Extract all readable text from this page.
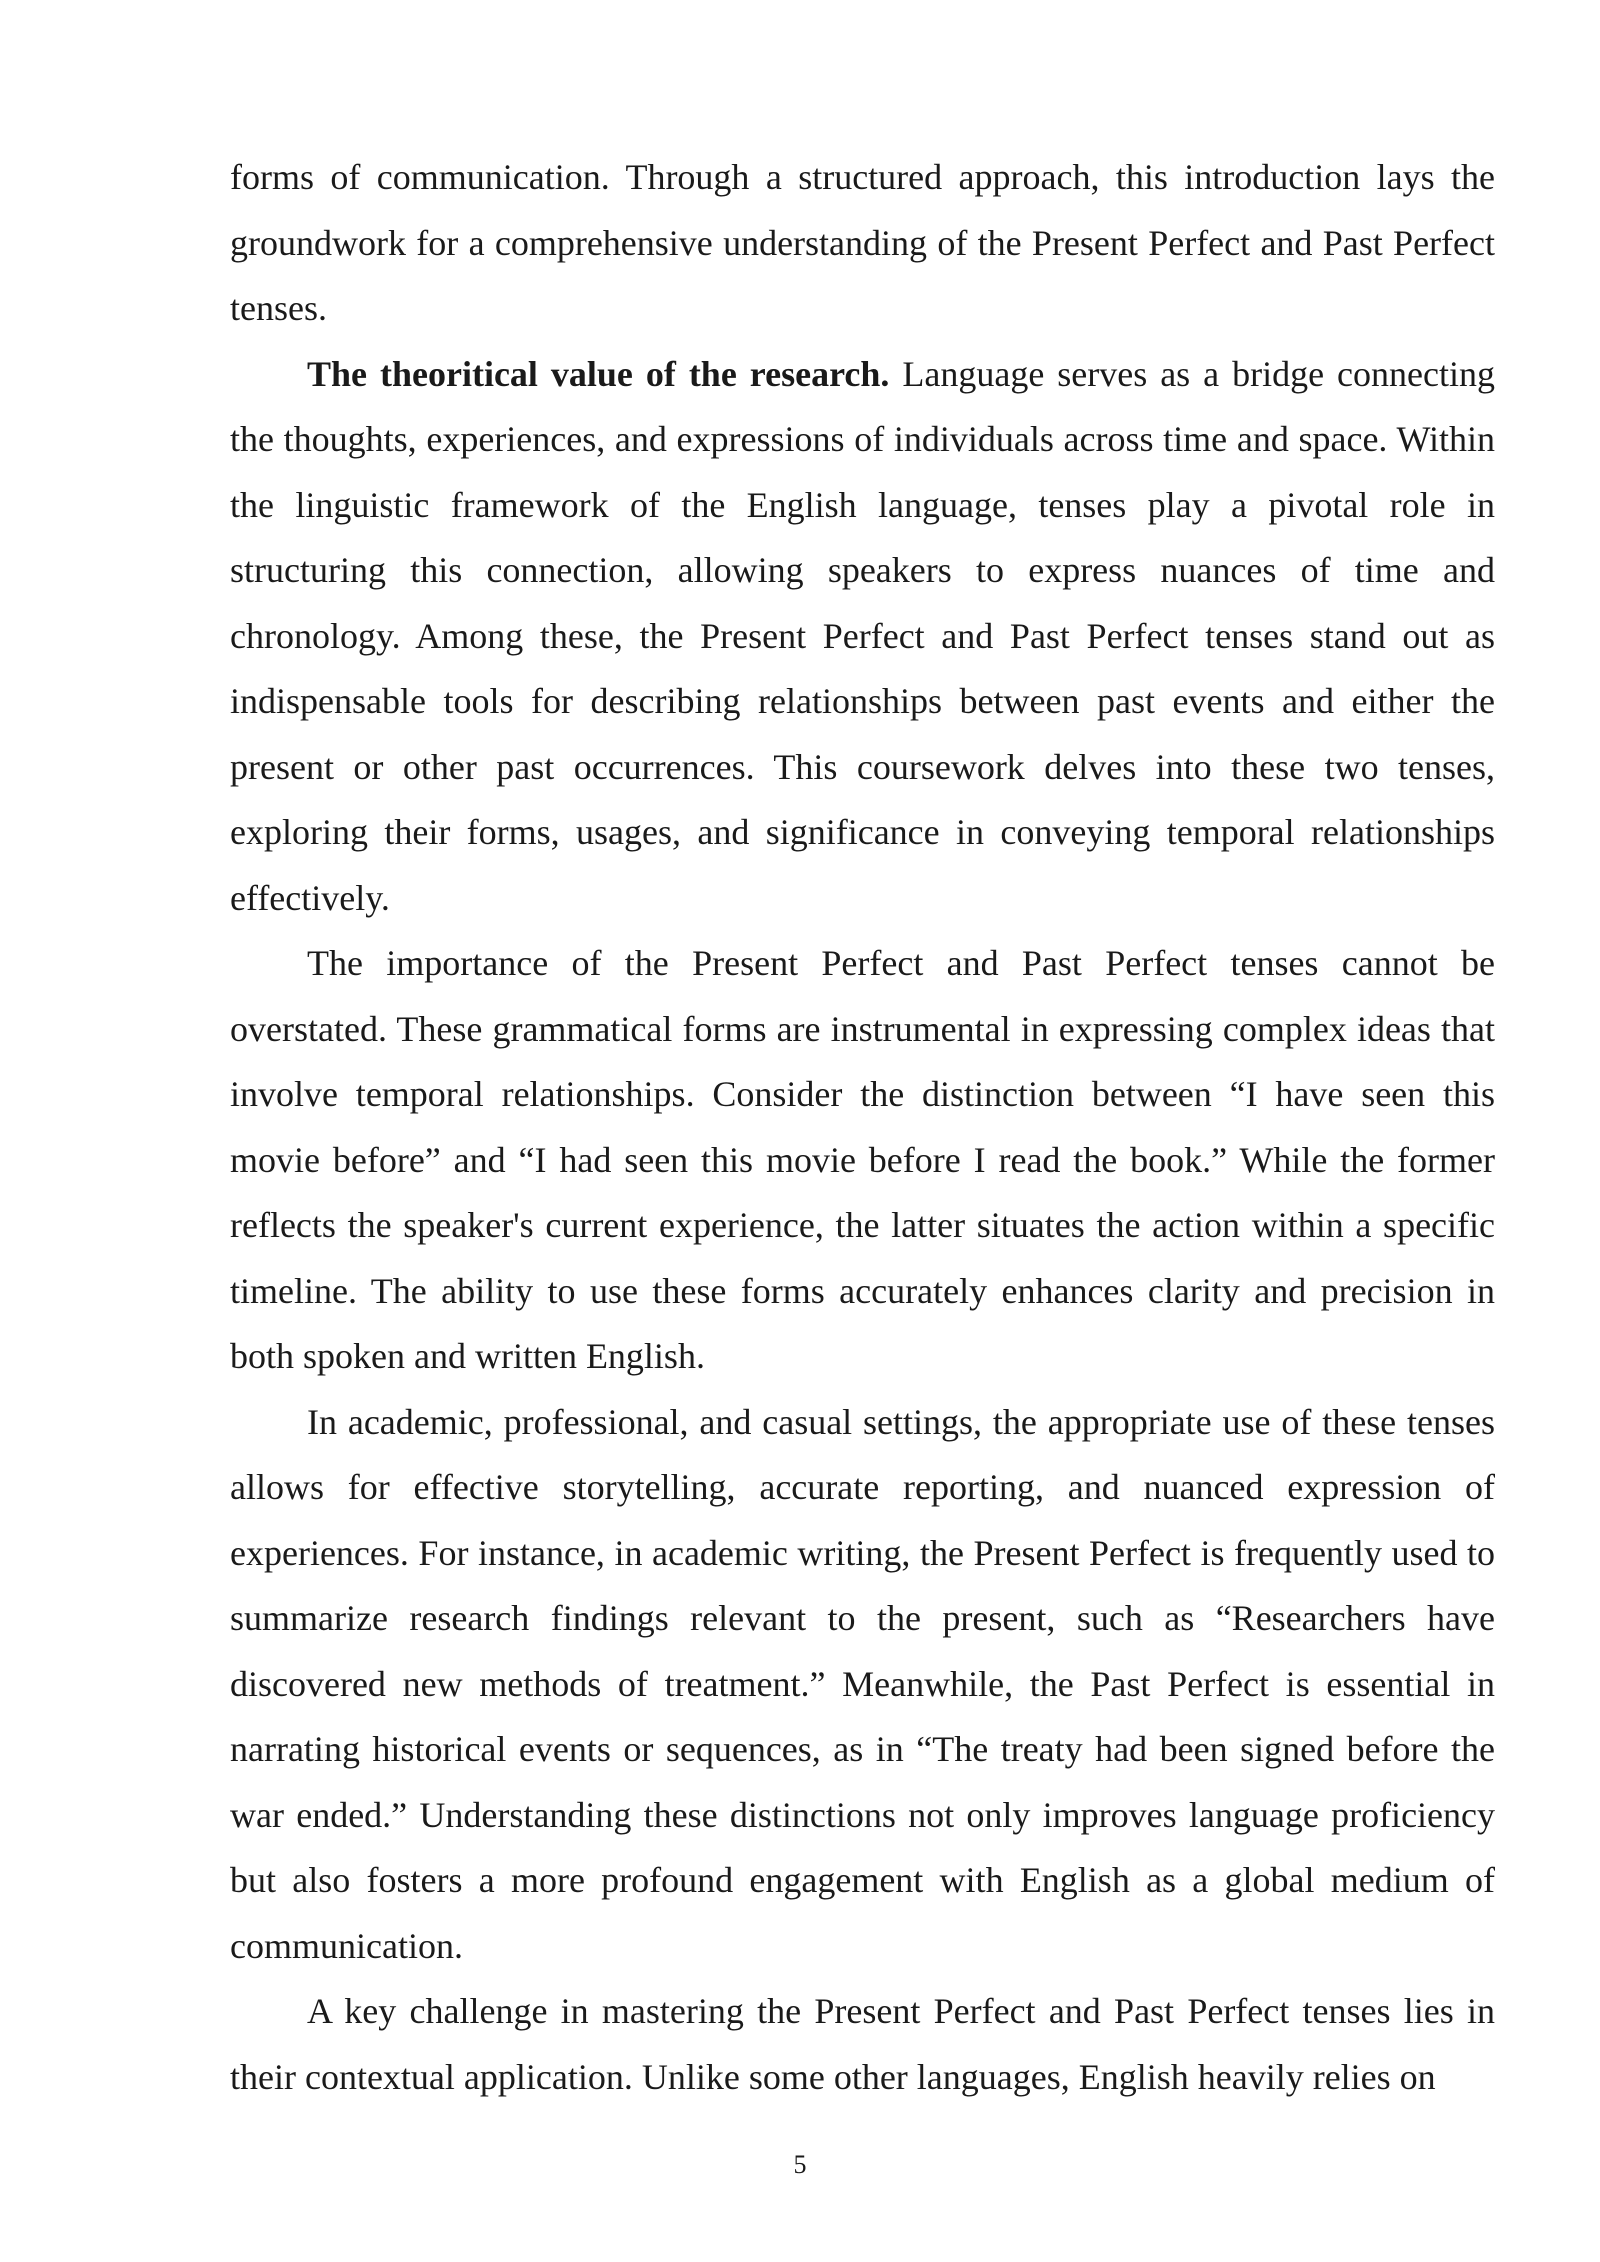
forms of communication. Through a structured approach, this introduction lays the groundwork for a comprehensive understanding of the Present Perfect and Past Perfect tenses.

The theoritical value of the research. Language serves as a bridge connecting the thoughts, experiences, and expressions of individuals across time and space. Within the linguistic framework of the English language, tenses play a pivotal role in structuring this connection, allowing speakers to express nuances of time and chronology. Among these, the Present Perfect and Past Perfect tenses stand out as indispensable tools for describing relationships between past events and either the present or other past occurrences. This coursework delves into these two tenses, exploring their forms, usages, and significance in conveying temporal relationships effectively.

The importance of the Present Perfect and Past Perfect tenses cannot be overstated. These grammatical forms are instrumental in expressing complex ideas that involve temporal relationships. Consider the distinction between “I have seen this movie before” and “I had seen this movie before I read the book.” While the former reflects the speaker's current experience, the latter situates the action within a specific timeline. The ability to use these forms accurately enhances clarity and precision in both spoken and written English.

In academic, professional, and casual settings, the appropriate use of these tenses allows for effective storytelling, accurate reporting, and nuanced expression of experiences. For instance, in academic writing, the Present Perfect is frequently used to summarize research findings relevant to the present, such as “Researchers have discovered new methods of treatment.” Meanwhile, the Past Perfect is essential in narrating historical events or sequences, as in “The treaty had been signed before the war ended.” Understanding these distinctions not only improves language proficiency but also fosters a more profound engagement with English as a global medium of communication.

A key challenge in mastering the Present Perfect and Past Perfect tenses lies in their contextual application. Unlike some other languages, English heavily relies on

5
